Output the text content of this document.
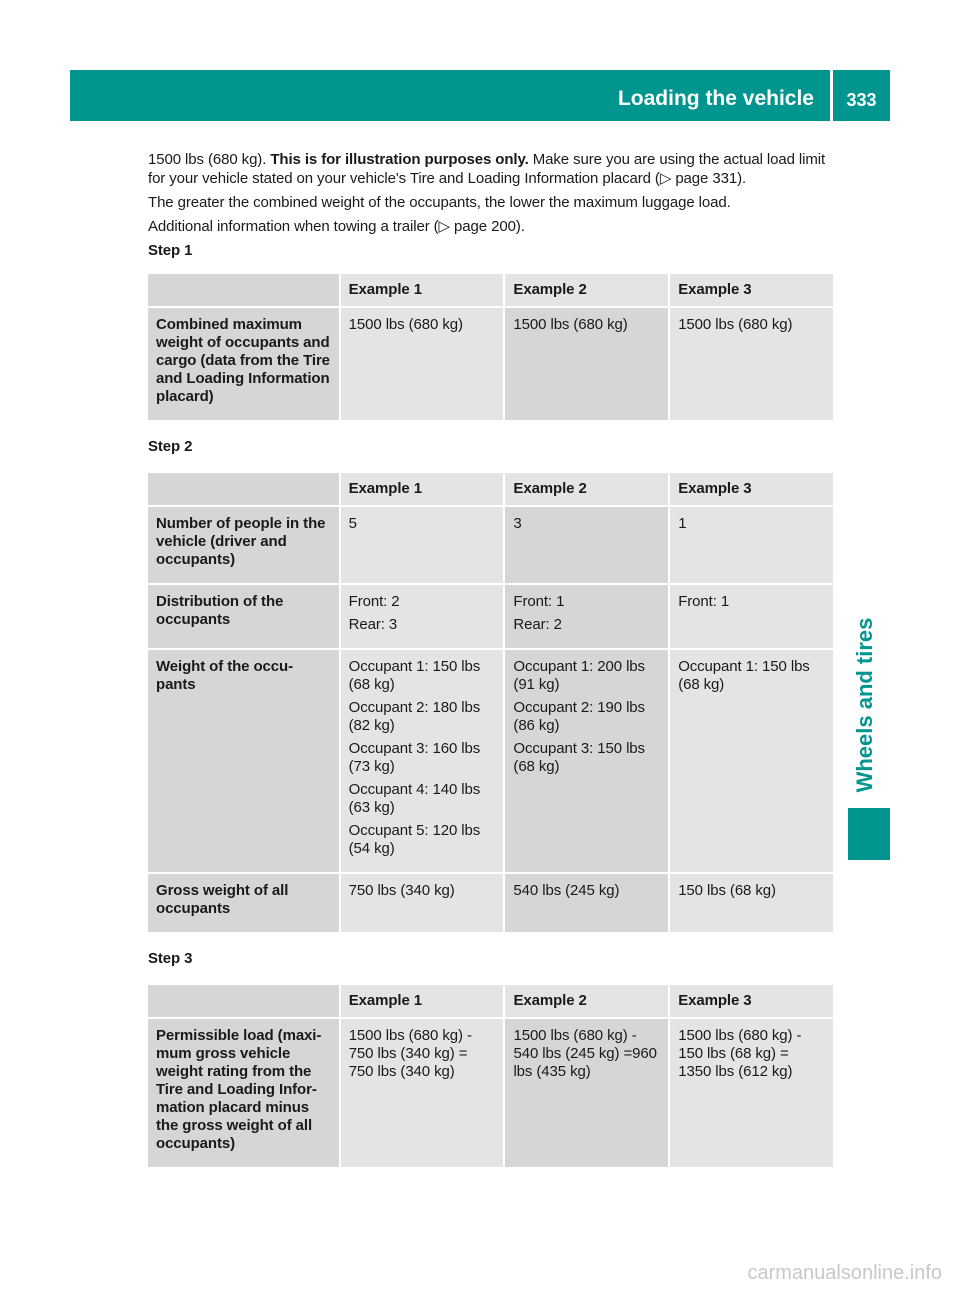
Loading the vehicle	333
Wheels and tires

1500 lbs (680 kg). This is for illustration purposes only. Make sure you are using the actual load limit for your vehicle stated on your vehicle's Tire and Loading Information placard (▷ page 331).

The greater the combined weight of the occupants, the lower the maximum luggage load.

Additional information when towing a trailer (▷ page 200).

Step 1

	Example 1	Example 2	Example 3
Combined maximum weight of occupants and cargo (data from the Tire and Loading Information placard)	1500 lbs (680 kg)	1500 lbs (680 kg)	1500 lbs (680 kg)

Step 2

	Example 1	Example 2	Example 3
Number of people in the vehicle (driver and occupants)	5	3	1

Distribution of the occupants	Front: 2
Rear: 3	Front: 1
Rear: 2	Front: 1

Weight of the occu-pants	Occupant 1: 150 lbs (68 kg)
Occupant 2: 180 lbs (82 kg)
Occupant 3: 160 lbs (73 kg)
Occupant 4: 140 lbs (63 kg)
Occupant 5: 120 lbs (54 kg)	Occupant 1: 200 lbs (91 kg)
Occupant 2: 190 lbs (86 kg)
Occupant 3: 150 lbs (68 kg)	Occupant 1: 150 lbs (68 kg)

Gross weight of all occupants	750 lbs (340 kg)	540 lbs (245 kg)	150 lbs (68 kg)

Step 3

	Example 1	Example 2	Example 3
Permissible load (maxi-mum gross vehicle weight rating from the Tire and Loading Infor-mation placard minus the gross weight of all occupants)	1500 lbs (680 kg) - 750 lbs (340 kg) = 750 lbs (340 kg)	1500 lbs (680 kg) - 540 lbs (245 kg) =960 lbs (435 kg)	1500 lbs (680 kg) - 150 lbs (68 kg) = 1350 lbs (612 kg)
carmanualsonline.info
